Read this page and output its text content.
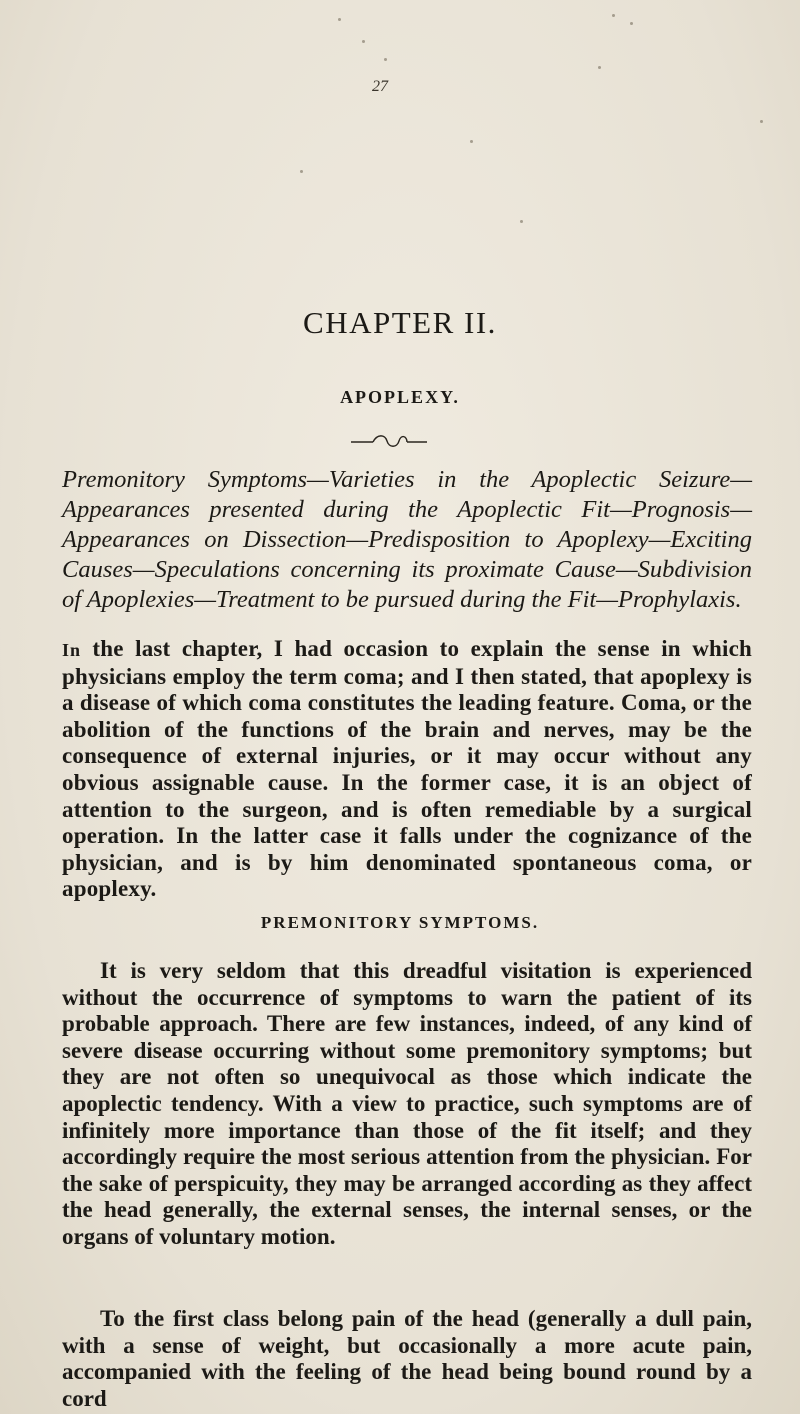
27
CHAPTER II.
APOPLEXY.

Premonitory Symptoms—Varieties in the Apoplectic Seizure—Appearances presented during the Apoplectic Fit—Prognosis—Appearances on Dissection—Predisposition to Apoplexy—Exciting Causes—Speculations concerning its proximate Cause—Subdivision of Apoplexies—Treatment to be pursued during the Fit—Prophylaxis.

In the last chapter, I had occasion to explain the sense in which physicians employ the term coma; and I then stated, that apoplexy is a disease of which coma constitutes the leading feature. Coma, or the abolition of the functions of the brain and nerves, may be the consequence of external injuries, or it may occur without any obvious assignable cause. In the former case, it is an object of attention to the surgeon, and is often remediable by a surgical operation. In the latter case it falls under the cognizance of the physician, and is by him denominated spontaneous coma, or apoplexy.

PREMONITORY SYMPTOMS.

It is very seldom that this dreadful visitation is experienced without the occurrence of symptoms to warn the patient of its probable approach. There are few instances, indeed, of any kind of severe disease occurring without some premonitory symptoms; but they are not often so unequivocal as those which indicate the apoplectic tendency. With a view to practice, such symptoms are of infinitely more importance than those of the fit itself; and they accordingly require the most serious attention from the physician. For the sake of perspicuity, they may be arranged according as they affect the head generally, the external senses, the internal senses, or the organs of voluntary motion.

To the first class belong pain of the head (generally a dull pain, with a sense of weight, but occasionally a more acute pain, accompanied with the feeling of the head being bound round by a cord
